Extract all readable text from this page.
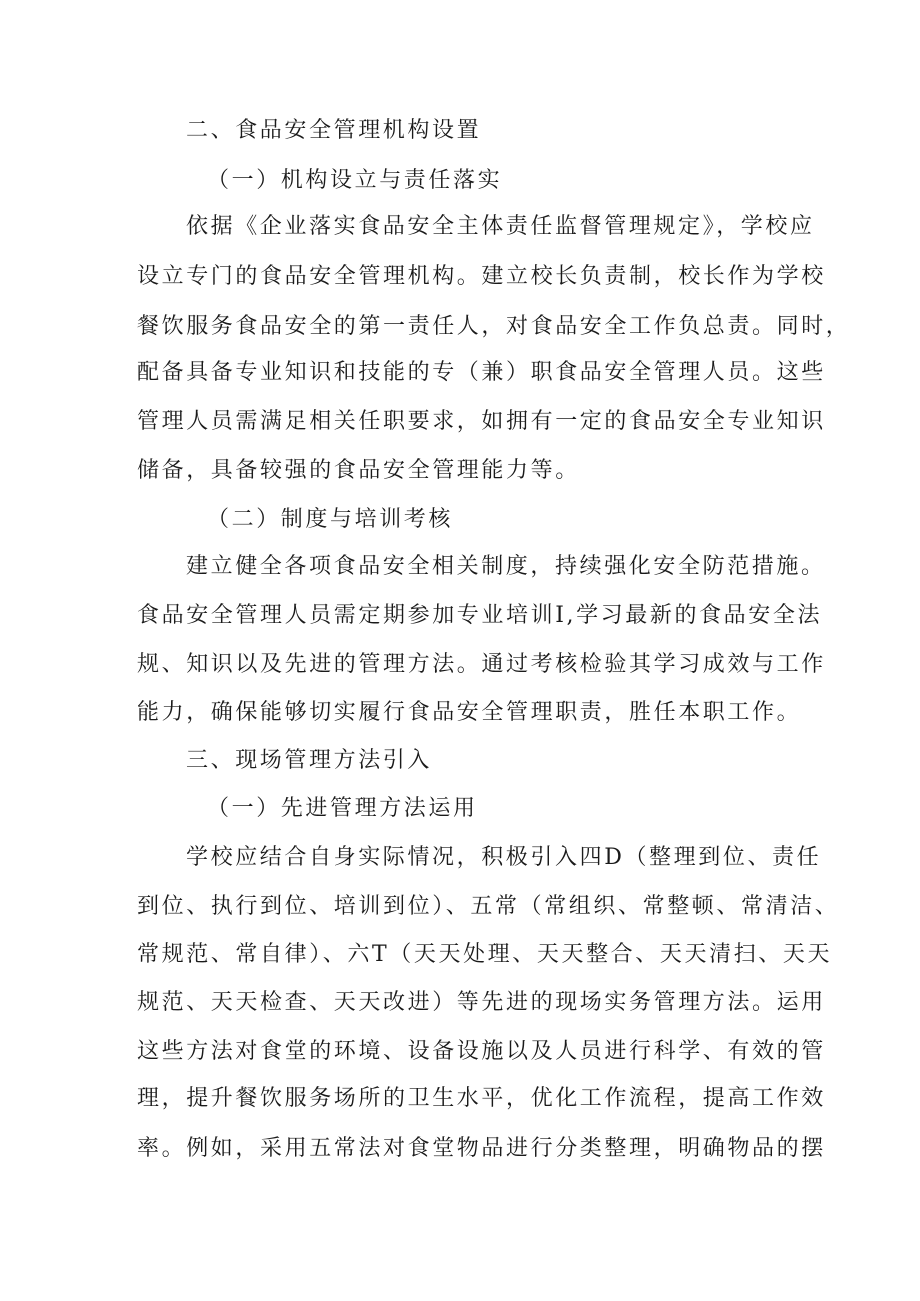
二、食品安全管理机构设置

（一）机构设立与责任落实

依据《企业落实食品安全主体责任监督管理规定》，学校应

设立专门的食品安全管理机构。建立校长负责制，校长作为学校

餐饮服务食品安全的第一责任人，对食品安全工作负总责。同时，

配备具备专业知识和技能的专（兼）职食品安全管理人员。这些

管理人员需满足相关任职要求，如拥有一定的食品安全专业知识

储备，具备较强的食品安全管理能力等。

（二）制度与培训考核

建立健全各项食品安全相关制度，持续强化安全防范措施。

食品安全管理人员需定期参加专业培训I,学习最新的食品安全法

规、知识以及先进的管理方法。通过考核检验其学习成效与工作

能力，确保能够切实履行食品安全管理职责，胜任本职工作。

三、现场管理方法引入

（一）先进管理方法运用

学校应结合自身实际情况，积极引入四D（整理到位、责任

到位、执行到位、培训到位）、五常（常组织、常整顿、常清洁、

常规范、常自律）、六T（天天处理、天天整合、天天清扫、天天

规范、天天检查、天天改进）等先进的现场实务管理方法。运用

这些方法对食堂的环境、设备设施以及人员进行科学、有效的管

理，提升餐饮服务场所的卫生水平，优化工作流程，提高工作效

率。例如，采用五常法对食堂物品进行分类整理，明确物品的摆
